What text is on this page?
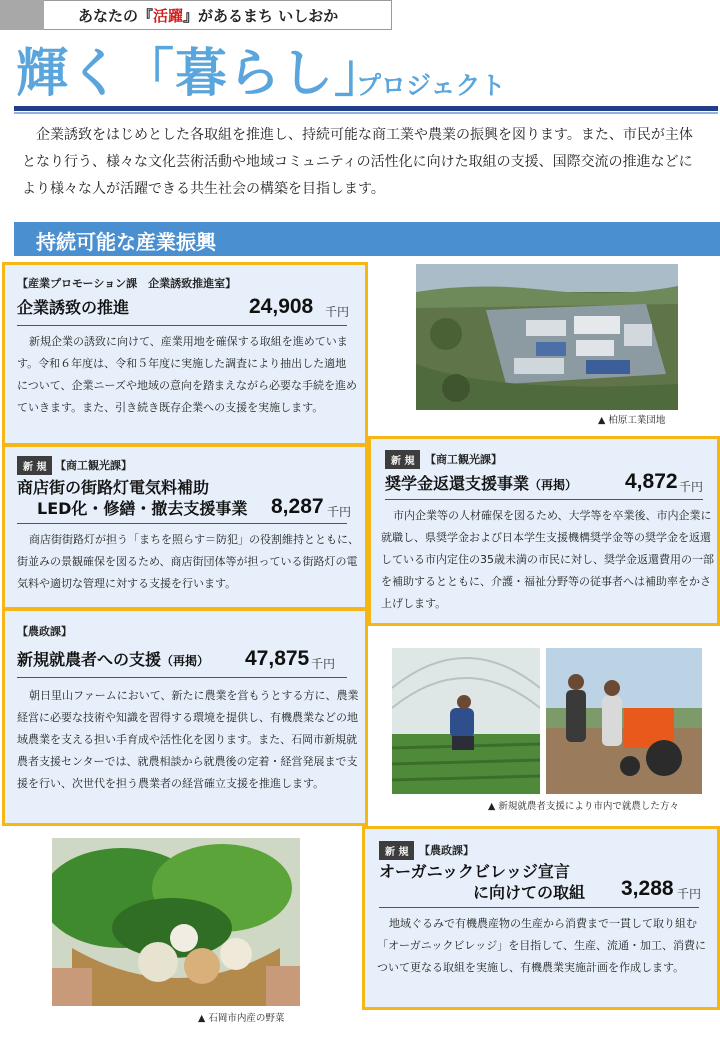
あなたの『活躍』があるまち いしおか
輝く「暮らし」
プロジェクト

企業誘致をはじめとした各取組を推進し、持続可能な商工業や農業の振興を図ります。また、市民が主体となり行う、様々な文化芸術活動や地域コミュニティの活性化に向けた取組の支援、国際交流の推進などにより様々な人が活躍できる共生社会の構築を目指します。

持続可能な産業振興
【産業プロモーション課　企業誘致推進室】
企業誘致の推進	24,908 千円

新規企業の誘致に向けて、産業用地を確保する取組を進めています。令和６年度は、令和５年度に実施した調査により抽出した適地について、企業ニーズや地域の意向を踏まえながら必要な手続を進めていきます。また、引き続き既存企業への支援を実施します。

新 規 【商工観光課】
商店街の街路灯電気料補助
LED化・修繕・撤去支援事業 8,287 千円

商店街街路灯が担う「まちを照らす＝防犯」の役割維持とともに、街並みの景観確保を図るため、商店街団体等が担っている街路灯の電気料や適切な管理に対する支援を行います。

新 規 【商工観光課】
奨学金返還支援事業（再掲） 4,872 千円

市内企業等の人材確保を図るため、大学等を卒業後、市内企業に就職し、県奨学金および日本学生支援機構奨学金等の奨学金を返還している市内定住の35歳未満の市民に対し、奨学金返還費用の一部を補助するとともに、介護・福祉分野等の従事者へは補助率をかさ上げします。

【農政課】
新規就農者への支援（再掲） 47,875 千円

朝日里山ファームにおいて、新たに農業を営もうとする方に、農業経営に必要な技術や知識を習得する環境を提供し、有機農業などの地域農業を支える担い手育成や活性化を図ります。また、石岡市新規就農者支援センターでは、就農相談から就農後の定着・経営発展まで支援を行い、次世代を担う農業者の経営確立支援を推進します。

新 規 【農政課】
オーガニックビレッジ宣言
に向けての取組 3,288 千円

地域ぐるみで有機農産物の生産から消費まで一貫して取り組む「オーガニックビレッジ」を目指して、生産、流通・加工、消費について更なる取組を実施し、有機農業実施計画を作成します。

▲ 柏原工業団地
▲ 新規就農者支援により市内で就農した方々
▲ 石岡市内産の野菜
